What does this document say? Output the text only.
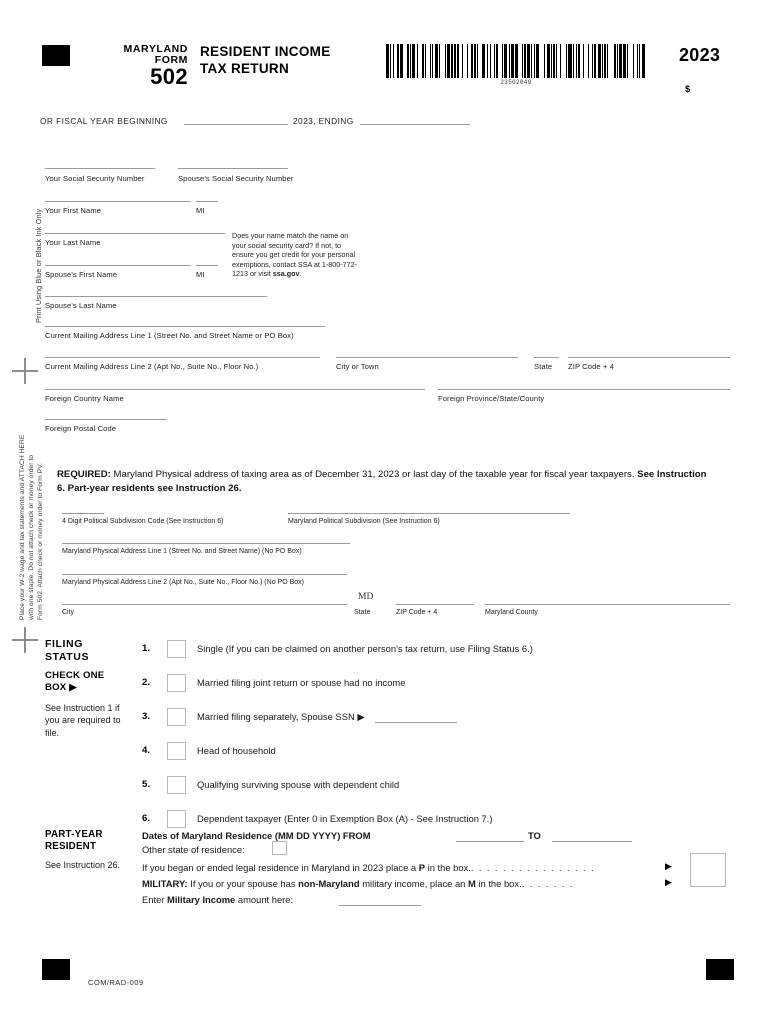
MARYLAND
FORM
502
RESIDENT INCOME
TAX RETURN
23502049
2023
$
OR FISCAL YEAR BEGINNING	2023, ENDING
Print Using Blue or Black Ink Only
Place your W-2 wage and tax statements and ATTACH HERE with one staple. Do not attach check or money order to Form 502. Attach check or money order to Form PV.
Your Social Security Number	Spouse's Social Security Number
Your First Name	MI
Your Last Name
Spouse's First Name	MI
Spouse's Last Name
Does your name match the name on your social security card? If not, to ensure you get credit for your personal exemptions, contact SSA at 1-800-772-1213 or visit ssa.gov.
Current Mailing Address Line 1 (Street No. and Street Name or PO Box)
Current Mailing Address Line 2 (Apt No., Suite No., Floor No.)	City or Town	State ZIP Code + 4
Foreign Country Name	Foreign Province/State/County
Foreign Postal Code
REQUIRED: Maryland Physical address of taxing area as of December 31, 2023 or last day of the taxable year for fiscal year taxpayers. See Instruction 6. Part-year residents see Instruction 26.
4 Digit Political Subdivision Code (See Instruction 6)	Maryland Political Subdivision (See Instruction 6)
Maryland Physical Address Line 1 (Street No. and Street Name) (No PO Box)
Maryland Physical Address Line 2 (Apt No., Suite No., Floor No.) (No PO Box)
City
MD
State	ZIP Code + 4	Maryland County
FILING
STATUS
CHECK ONE
BOX ▶
See Instruction 1 if you are required to file.
1.	Single (If you can be claimed on another person's tax return, use Filing Status 6.)
2.	Married filing joint return or spouse had no income
3.	Married filing separately, Spouse SSN ▶
4.	Head of household
5.	Qualifying surviving spouse with dependent child
6.	Dependent taxpayer (Enter 0 in Exemption Box (A) - See Instruction 7.)
PART-YEAR
RESIDENT
See Instruction 26.
Dates of Maryland Residence (MM DD YYYY) FROM	TO
Other state of residence:
If you began or ended legal residence in Maryland in 2023 place a P in the box.. . . . . . . . . . . . . . . .	▶
MILITARY: If you or your spouse has non-Maryland military income, place an M in the box.. . . . . . .	▶
Enter Military Income amount here:
COM/RAD-009
